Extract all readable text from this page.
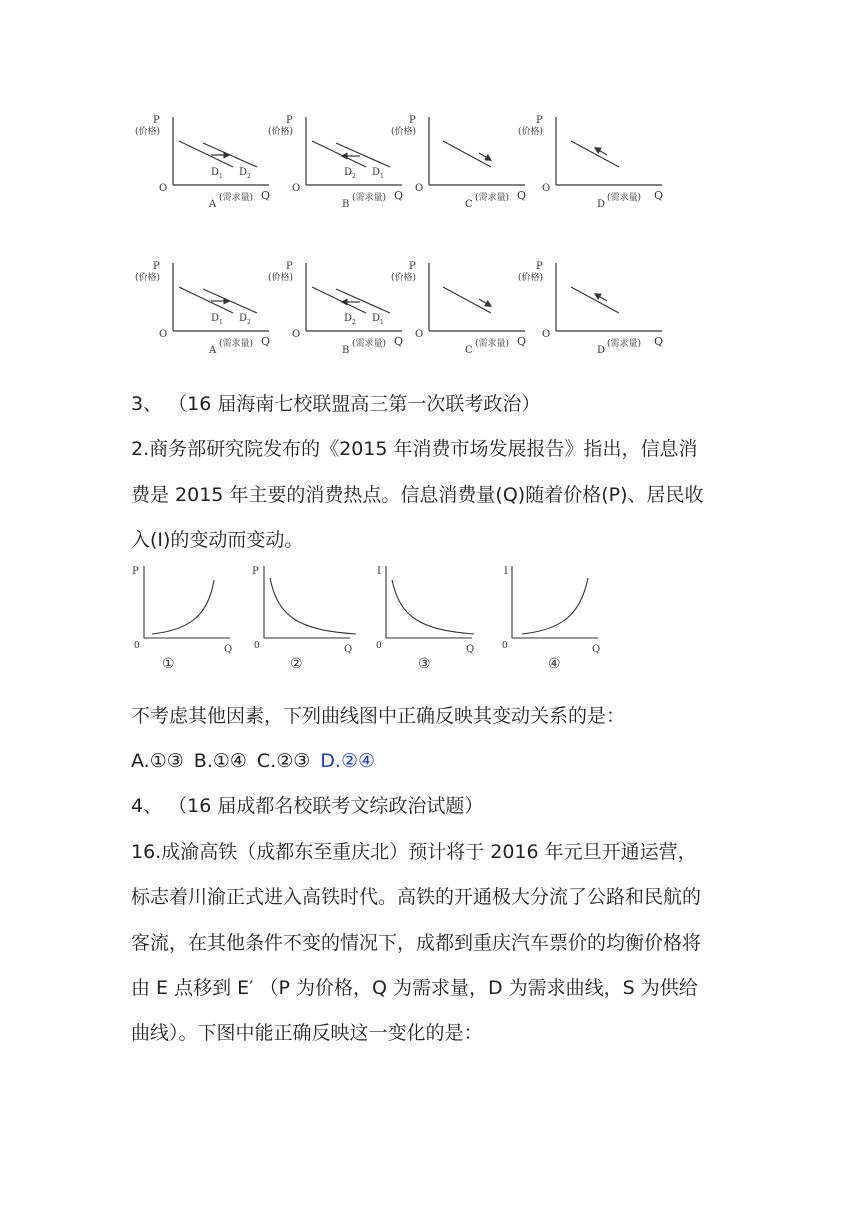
P
(价格)
O
D 1 D 2
A
(需求量) Q
P
(价格)
O
D 2 D 1
B
(需求量) Q
P
(价格)
O
C
(需求量) Q
P
(价格)
O
D
(需求量) Q
P
(价格)
O
D 1 D 2
A
(需求量) Q
P
(价格)
O
D 2 D 1
B
(需求量) Q
P
(价格)
O
C
(需求量) Q
P
(价格)
O
D
(需求量) Q
3、 （16 届海南七校联盟高三第一次联考政治）
2.商务部研究院发布的《2015 年消费市场发展报告》指出，信息消
费是 2015 年主要的消费热点。信息消费量(Q)随着价格(P)、居民收
入(I)的变动而变动。
P
0	Q
①
P
0	Q
②
I
0	Q
③
I
0	Q
④
不考虑其他因素，下列曲线图中正确反映其变动关系的是：
A.①③ B.①④ C.②③ D.②④
4、 （16 届成都名校联考文综政治试题）
16.成渝高铁（成都东至重庆北）预计将于 2016 年元旦开通运营，
标志着川渝正式进入高铁时代。高铁的开通极大分流了公路和民航的
客流，在其他条件不变的情况下，成都到重庆汽车票价的均衡价格将
由 E 点移到 E′ （P 为价格，Q 为需求量，D 为需求曲线，S 为供给
曲线）。下图中能正确反映这一变化的是：
